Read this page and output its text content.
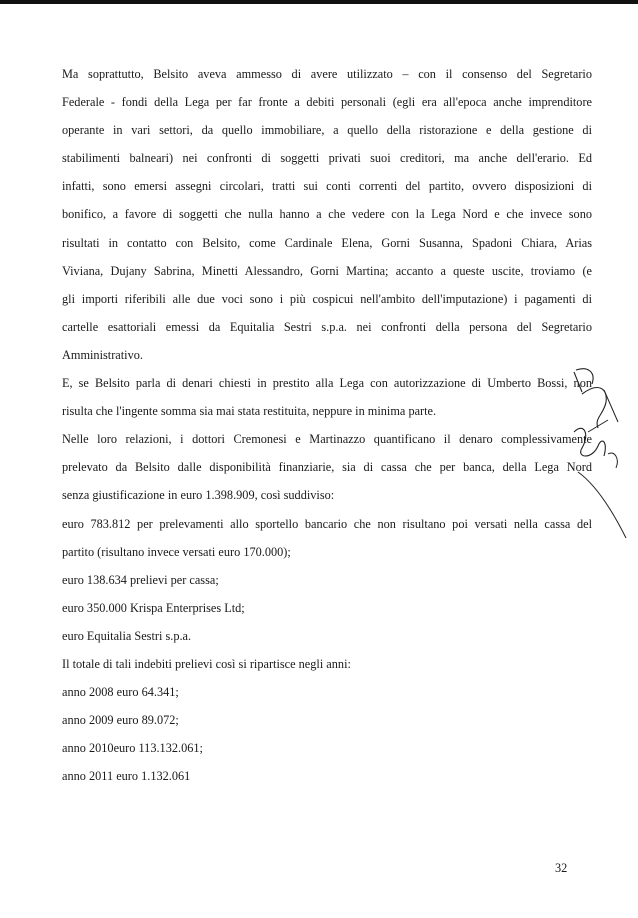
Ma soprattutto, Belsito aveva ammesso di avere utilizzato – con il consenso del Segretario
Federale - fondi della Lega per far fronte a debiti personali (egli era all'epoca anche imprenditore
operante in vari settori, da quello immobiliare, a quello della ristorazione e della gestione di
stabilimenti balneari) nei confronti di soggetti privati suoi creditori, ma anche dell'erario. Ed
infatti, sono emersi assegni circolari, tratti sui conti correnti del partito, ovvero disposizioni di
bonifico, a favore di soggetti che nulla hanno a che vedere con la Lega Nord e che invece sono
risultati in contatto con Belsito, come Cardinale Elena, Gorni Susanna, Spadoni Chiara, Arias
Viviana, Dujany Sabrina, Minetti Alessandro, Gorni Martina; accanto a queste uscite, troviamo (e
gli importi riferibili alle due voci sono i più cospicui nell'ambito dell'imputazione) i pagamenti di
cartelle esattoriali emessi da Equitalia Sestri s.p.a. nei confronti della persona del Segretario
Amministrativo.
E, se Belsito parla di denari chiesti in prestito alla Lega con autorizzazione di Umberto Bossi, non
risulta che l'ingente somma sia mai stata restituita, neppure in minima parte.
Nelle loro relazioni, i dottori Cremonesi e Martinazzo quantificano il denaro complessivamente
prelevato da Belsito dalle disponibilità finanziarie, sia di cassa che per banca, della Lega Nord
senza giustificazione in euro 1.398.909, così suddiviso:
euro 783.812 per prelevamenti allo sportello bancario che non risultano poi versati nella cassa del
partito (risultano invece versati euro 170.000);
euro 138.634 prelievi per cassa;
euro 350.000 Krispa Enterprises Ltd;
euro Equitalia Sestri s.p.a.
Il totale di tali indebiti prelievi così si ripartisce negli anni:
anno 2008 euro 64.341;
anno 2009 euro 89.072;
anno 2010euro 113.132.061;
anno 2011 euro 1.132.061

32
